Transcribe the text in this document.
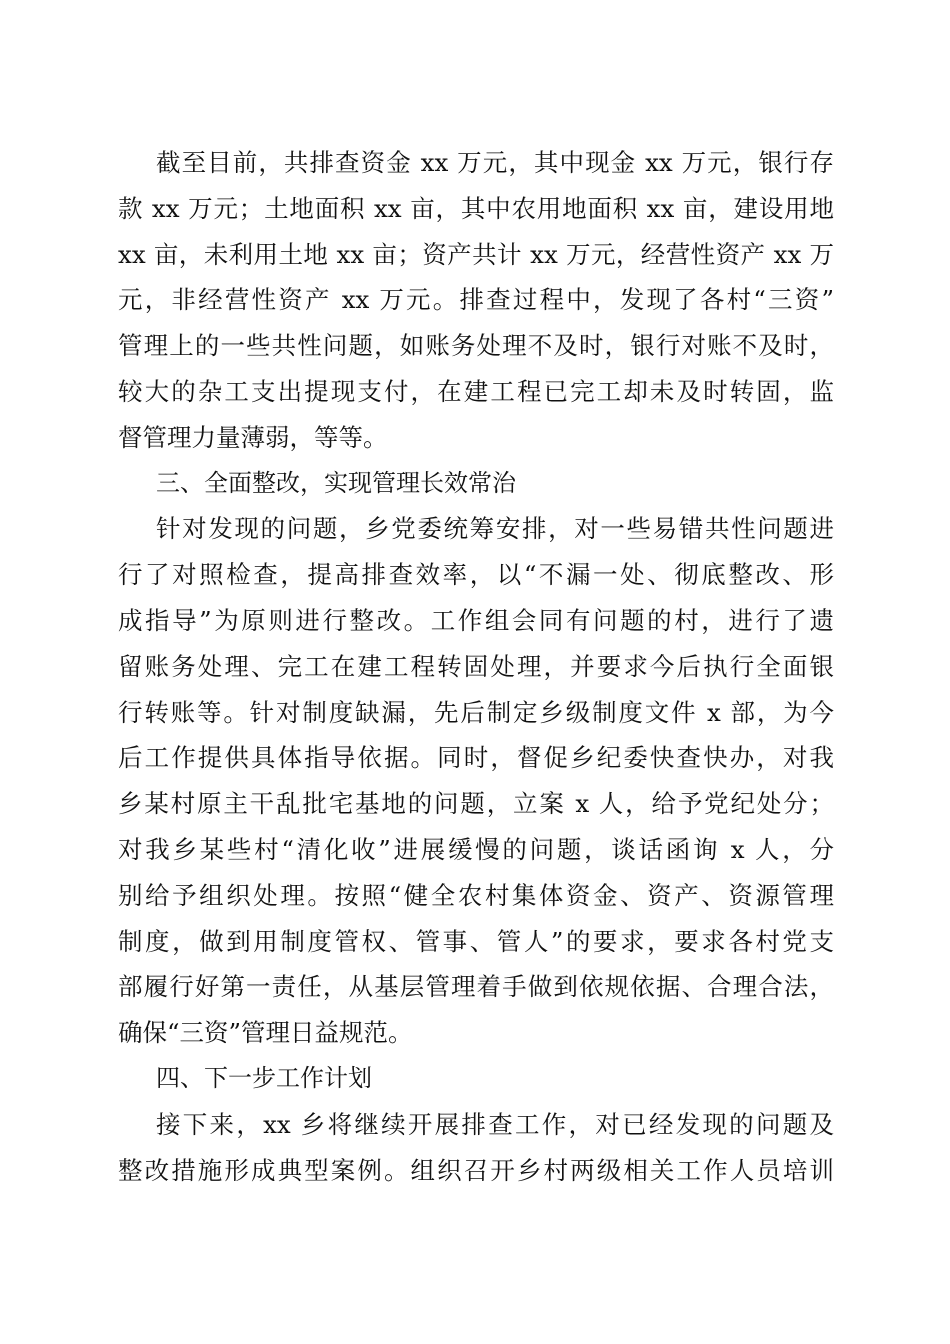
截至目前，共排查资金 xx 万元，其中现金 xx 万元，银行存
款 xx 万元；土地面积 xx 亩，其中农用地面积 xx 亩，建设用地
xx 亩，未利用土地 xx 亩；资产共计 xx 万元，经营性资产 xx 万
元，非经营性资产 xx 万元。排查过程中，发现了各村“三资”
管理上的一些共性问题，如账务处理不及时，银行对账不及时，
较大的杂工支出提现支付，在建工程已完工却未及时转固，监
督管理力量薄弱，等等。

三、全面整改，实现管理长效常治

针对发现的问题，乡党委统筹安排，对一些易错共性问题进
行了对照检查，提高排查效率，以“不漏一处、彻底整改、形
成指导”为原则进行整改。工作组会同有问题的村，进行了遗
留账务处理、完工在建工程转固处理，并要求今后执行全面银
行转账等。针对制度缺漏，先后制定乡级制度文件 x 部，为今
后工作提供具体指导依据。同时，督促乡纪委快查快办，对我
乡某村原主干乱批宅基地的问题，立案 x 人，给予党纪处分；
对我乡某些村“清化收”进展缓慢的问题，谈话函询 x 人，分
别给予组织处理。按照“健全农村集体资金、资产、资源管理
制度，做到用制度管权、管事、管人”的要求，要求各村党支
部履行好第一责任，从基层管理着手做到依规依据、合理合法，
确保“三资”管理日益规范。

四、下一步工作计划

接下来，xx 乡将继续开展排查工作，对已经发现的问题及
整改措施形成典型案例。组织召开乡村两级相关工作人员培训
